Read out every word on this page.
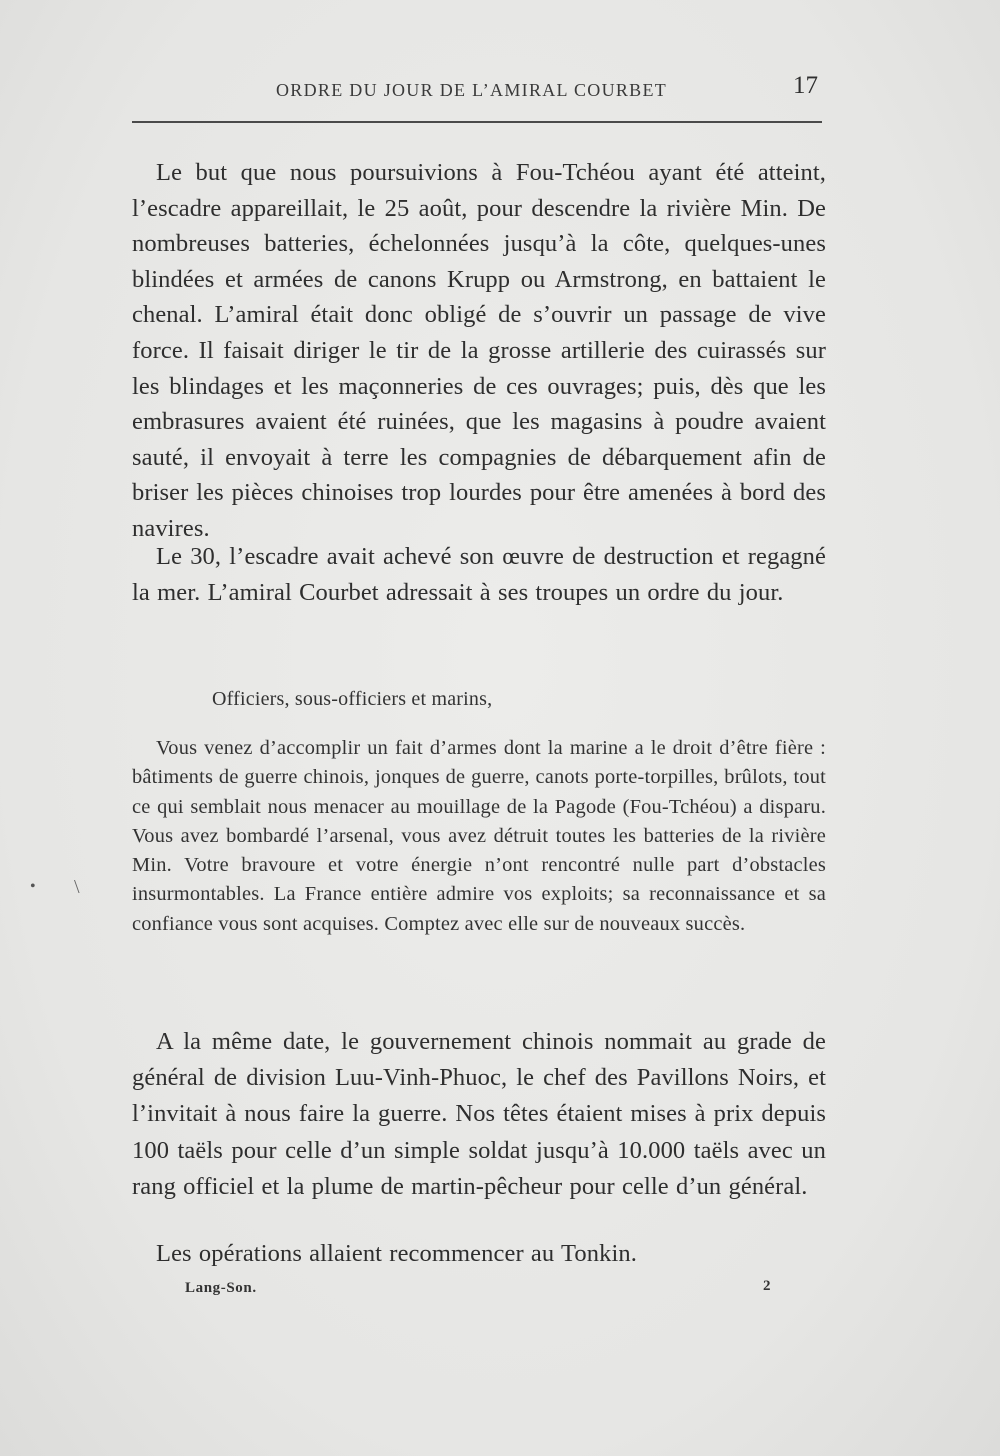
ORDRE DU JOUR DE L’AMIRAL COURBET	17

Le but que nous poursuivions à Fou-Tchéou ayant été atteint, l’escadre appareillait, le 25 août, pour descendre la rivière Min. De nombreuses batteries, échelonnées jusqu’à la côte, quelques-unes blindées et armées de canons Krupp ou Armstrong, en battaient le chenal. L’amiral était donc obligé de s’ouvrir un passage de vive force. Il faisait diriger le tir de la grosse artillerie des cuirassés sur les blindages et les maçonneries de ces ouvrages; puis, dès que les embrasures avaient été ruinées, que les magasins à poudre avaient sauté, il envoyait à terre les compagnies de débarquement afin de briser les pièces chinoises trop lourdes pour être amenées à bord des navires.

Le 30, l’escadre avait achevé son œuvre de destruction et regagné la mer. L’amiral Courbet adressait à ses troupes un ordre du jour.

Officiers, sous-officiers et marins,

Vous venez d’accomplir un fait d’armes dont la marine a le droit d’être fière : bâtiments de guerre chinois, jonques de guerre, canots porte-torpilles, brûlots, tout ce qui semblait nous menacer au mouillage de la Pagode (Fou-Tchéou) a disparu. Vous avez bombardé l’arsenal, vous avez détruit toutes les batteries de la rivière Min. Votre bravoure et votre énergie n’ont rencontré nulle part d’obstacles insurmontables. La France entière admire vos exploits; sa reconnaissance et sa confiance vous sont acquises. Comptez avec elle sur de nouveaux succès.

A la même date, le gouvernement chinois nommait au grade de général de division Luu-Vinh-Phuoc, le chef des Pavillons Noirs, et l’invitait à nous faire la guerre. Nos têtes étaient mises à prix depuis 100 taëls pour celle d’un simple soldat jusqu’à 10.000 taëls avec un rang officiel et la plume de martin-pêcheur pour celle d’un général.

Les opérations allaient recommencer au Tonkin.

Lang-Son.	2
• \
